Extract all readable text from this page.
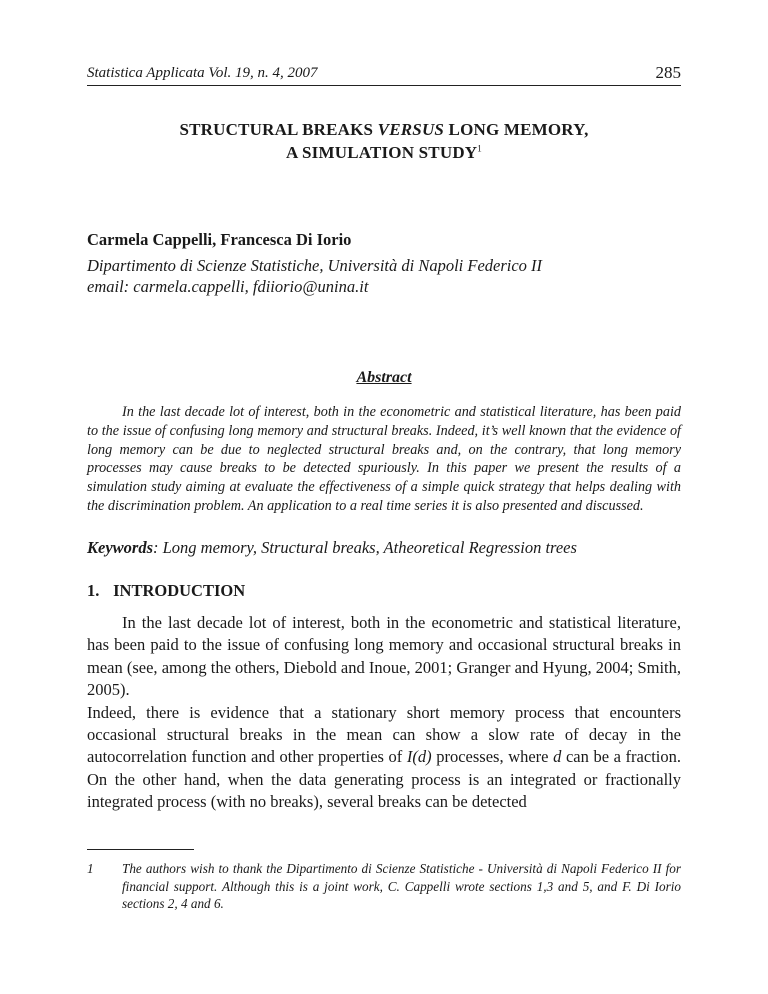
Statistica Applicata Vol. 19, n. 4, 2007	285
STRUCTURAL BREAKS VERSUS LONG MEMORY,
A SIMULATION STUDY$^1$
Carmela Cappelli, Francesca Di Iorio
Dipartimento di Scienze Statistiche, Università di Napoli Federico II
email: carmela.cappelli, fdiiorio@unina.it
Abstract

In the last decade lot of interest, both in the econometric and statistical literature, has been paid to the issue of confusing long memory and structural breaks. Indeed, it’s well known that the evidence of long memory can be due to neglected structural breaks and, on the contrary, that long memory processes may cause breaks to be detected spuriously. In this paper we present the results of a simulation study aiming at evaluate the effectiveness of a simple quick strategy that helps dealing with the discrimination problem. An application to a real time series it is also presented and discussed.

Keywords: Long memory, Structural breaks, Atheoretical Regression trees
1. INTRODUCTION

In the last decade lot of interest, both in the econometric and statistical literature, has been paid to the issue of confusing long memory and occasional structural breaks in mean (see, among the others, Diebold and Inoue, 2001; Granger and Hyung, 2004; Smith, 2005).

Indeed, there is evidence that a stationary short memory process that encounters occasional structural breaks in the mean can show a slow rate of decay in the autocorrelation function and other properties of I(d) processes, where d can be a fraction. On the other hand, when the data generating process is an integrated or fractionally integrated process (with no breaks), several breaks can be detected

1	The authors wish to thank the Dipartimento di Scienze Statistiche - Università di Napoli Federico II for financial support. Although this is a joint work, C. Cappelli wrote sections 1,3 and 5, and F. Di Iorio sections 2, 4 and 6.
